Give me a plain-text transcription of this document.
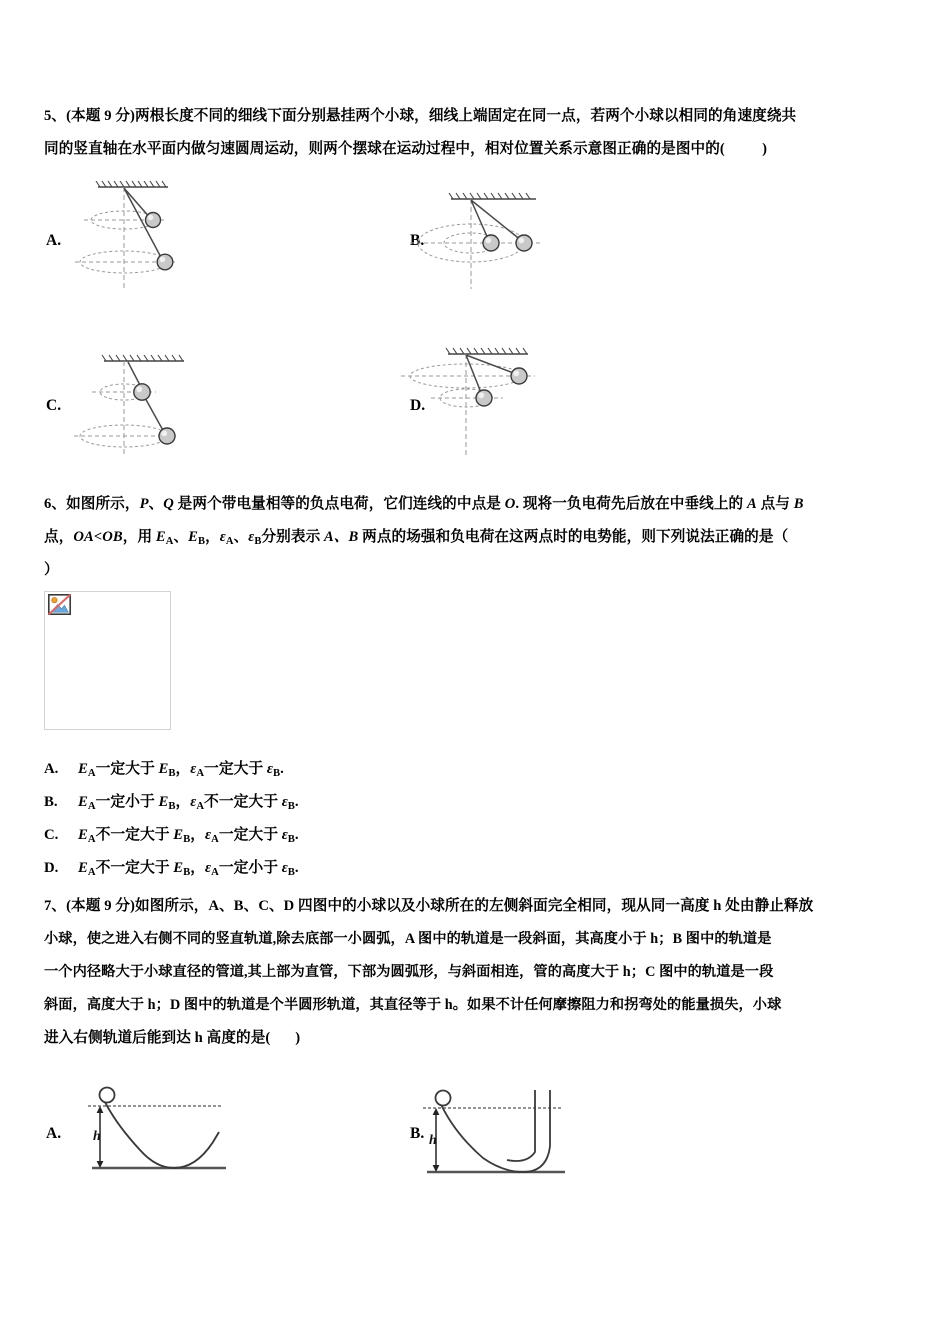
5、(本题 9 分)两根长度不同的细线下面分别悬挂两个小球，细线上端固定在同一点，若两个小球以相同的角速度绕共
同的竖直轴在水平面内做匀速圆周运动，则两个摆球在运动过程中，相对位置关系示意图正确的是图中的(	)
A.	B.
C.	D.
6、如图所示，P、Q 是两个带电量相等的负点电荷，它们连线的中点是 O. 现将一负电荷先后放在中垂线上的 A 点与 B
点，OA<OB，用 $E_A$、$E_B$，$\varepsilon_A$、$\varepsilon_B$分别表示 A、B 两点的场强和负电荷在这两点时的电势能，则下列说法正确的是（
）
A. $E_A$一定大于 $E_B$，$\varepsilon_A$一定大于 $\varepsilon_B$.
B. $E_A$一定小于 $E_B$，$\varepsilon_A$不一定大于 $\varepsilon_B$.
C. $E_A$不一定大于 $E_B$，$\varepsilon_A$一定大于 $\varepsilon_B$.
D. $E_A$不一定大于 $E_B$，$\varepsilon_A$一定小于 $\varepsilon_B$.
7、(本题 9 分)如图所示，A、B、C、D 四图中的小球以及小球所在的左侧斜面完全相同，现从同一高度 h 处由静止释放
小球，使之进入右侧不同的竖直轨道,除去底部一小圆弧，A 图中的轨道是一段斜面，其高度小于 h；B 图中的轨道是
一个内径略大于小球直径的管道,其上部为直管，下部为圆弧形，与斜面相连，管的高度大于 h；C 图中的轨道是一段
斜面，高度大于 h；D 图中的轨道是个半圆形轨道，其直径等于 h。如果不计任何摩擦阻力和拐弯处的能量损失，小球
进入右侧轨道后能到达 h 高度的是( )
A. h	B. h
